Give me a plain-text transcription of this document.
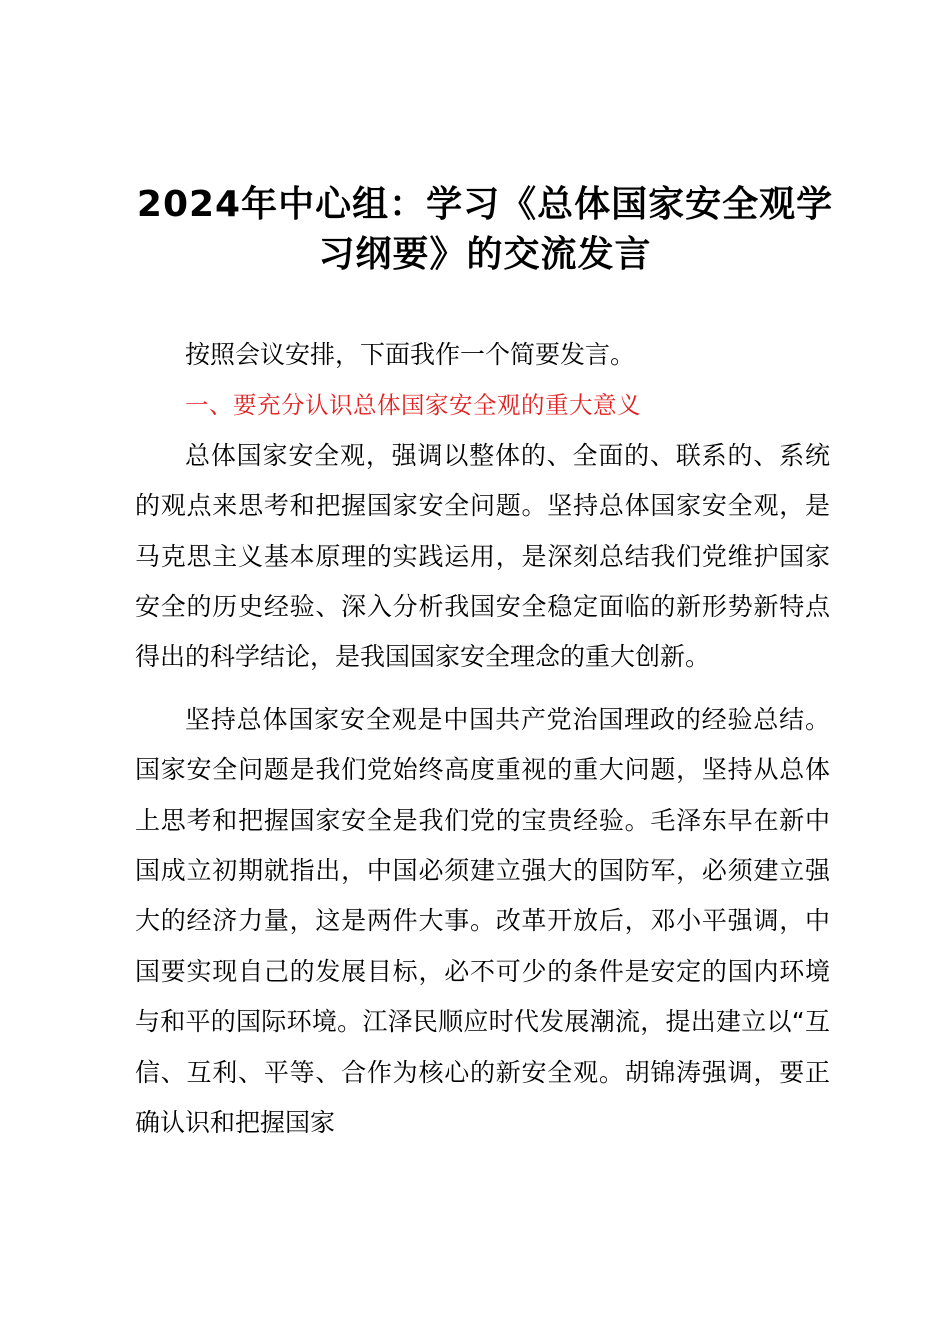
2024年中心组：学习《总体国家安全观学习纲要》的交流发言

按照会议安排，下面我作一个简要发言。

一、要充分认识总体国家安全观的重大意义

总体国家安全观，强调以整体的、全面的、联系的、系统的观点来思考和把握国家安全问题。坚持总体国家安全观，是马克思主义基本原理的实践运用，是深刻总结我们党维护国家安全的历史经验、深入分析我国安全稳定面临的新形势新特点得出的科学结论，是我国国家安全理念的重大创新。

坚持总体国家安全观是中国共产党治国理政的经验总结。国家安全问题是我们党始终高度重视的重大问题，坚持从总体上思考和把握国家安全是我们党的宝贵经验。毛泽东早在新中国成立初期就指出，中国必须建立强大的国防军，必须建立强大的经济力量，这是两件大事。改革开放后，邓小平强调，中国要实现自己的发展目标，必不可少的条件是安定的国内环境与和平的国际环境。江泽民顺应时代发展潮流，提出建立以“互信、互利、平等、合作为核心的新安全观。胡锦涛强调，要正确认识和把握国家
